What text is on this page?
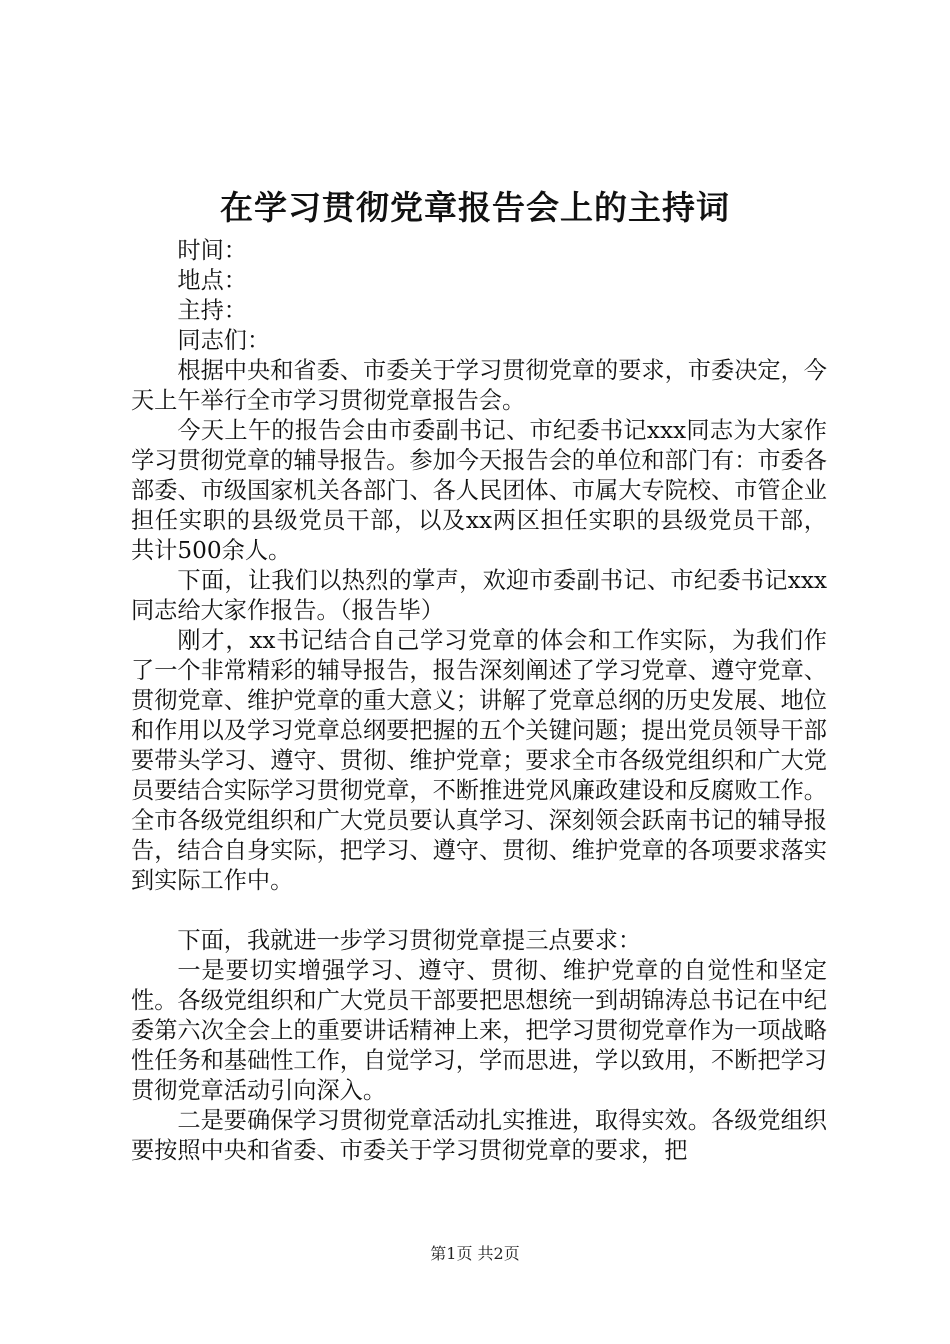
在学习贯彻党章报告会上的主持词

时间：

地点：

主持：

同志们：

根据中央和省委、市委关于学习贯彻党章的要求，市委决定，今天上午举行全市学习贯彻党章报告会。

今天上午的报告会由市委副书记、市纪委书记xxx同志为大家作学习贯彻党章的辅导报告。参加今天报告会的单位和部门有：市委各部委、市级国家机关各部门、各人民团体、市属大专院校、市管企业担任实职的县级党员干部，以及xx两区担任实职的县级党员干部，共计500余人。

下面，让我们以热烈的掌声，欢迎市委副书记、市纪委书记xxx同志给大家作报告。（报告毕）

刚才，xx书记结合自己学习党章的体会和工作实际，为我们作了一个非常精彩的辅导报告，报告深刻阐述了学习党章、遵守党章、贯彻党章、维护党章的重大意义；讲解了党章总纲的历史发展、地位和作用以及学习党章总纲要把握的五个关键问题；提出党员领导干部要带头学习、遵守、贯彻、维护党章；要求全市各级党组织和广大党员要结合实际学习贯彻党章，不断推进党风廉政建设和反腐败工作。全市各级党组织和广大党员要认真学习、深刻领会跃南书记的辅导报告，结合自身实际，把学习、遵守、贯彻、维护党章的各项要求落实到实际工作中。

下面，我就进一步学习贯彻党章提三点要求：

一是要切实增强学习、遵守、贯彻、维护党章的自觉性和坚定性。各级党组织和广大党员干部要把思想统一到胡锦涛总书记在中纪委第六次全会上的重要讲话精神上来，把学习贯彻党章作为一项战略性任务和基础性工作，自觉学习，学而思进，学以致用，不断把学习贯彻党章活动引向深入。

二是要确保学习贯彻党章活动扎实推进，取得实效。各级党组织要按照中央和省委、市委关于学习贯彻党章的要求，把

第1页 共2页
